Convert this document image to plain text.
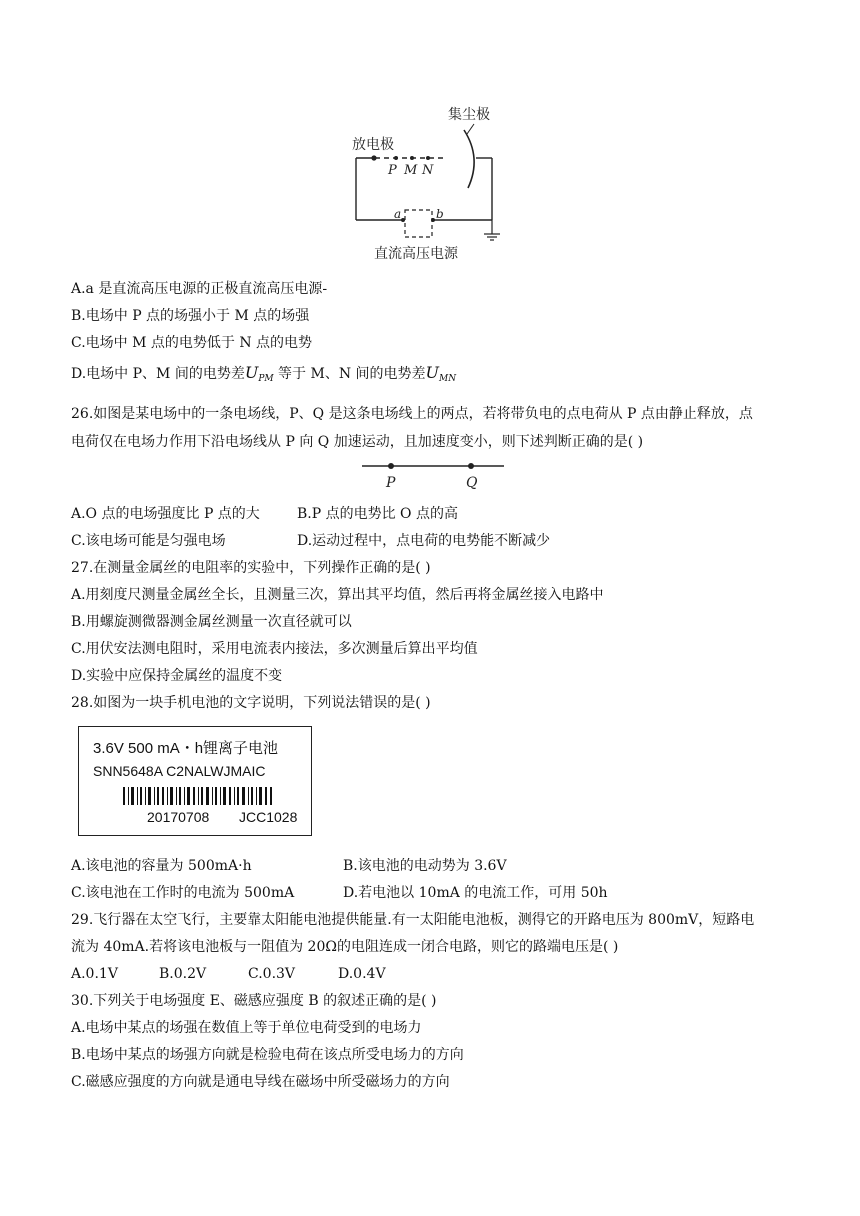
集尘极
放电极
P M N
a	b
直流高压电源
A.a 是直流高压电源的正极直流高压电源-
B.电场中 P 点的场强小于 M 点的场强
C.电场中 M 点的电势低于 N 点的电势
D.电场中 P、M 间的电势差$U_{PM}$ 等于 M、N 间的电势差$U_{MN}$
26.如图是某电场中的一条电场线，P、Q 是这条电场线上的两点，若将带负电的点电荷从 P 点由静止释放，点
电荷仅在电场力作用下沿电场线从 P 向 Q 加速运动，且加速度变小，则下述判断正确的是( )
P	Q
A.O 点的电场强度比 P 点的大	B.P 点的电势比 O 点的高
C.该电场可能是匀强电场	D.运动过程中，点电荷的电势能不断减少
27.在测量金属丝的电阻率的实验中，下列操作正确的是( )
A.用刻度尺测量金属丝全长，且测量三次，算出其平均值，然后再将金属丝接入电路中
B.用螺旋测微器测金属丝测量一次直径就可以
C.用伏安法测电阻时，采用电流表内接法，多次测量后算出平均值
D.实验中应保持金属丝的温度不变
28.如图为一块手机电池的文字说明，下列说法错误的是( )
3.6V 500 mA・h锂离子电池
SNN5648A C2NALWJMAIC
20170708 JCC1028
A.该电池的容量为 500mA·h	B.该电池的电动势为 3.6V
C.该电池在工作时的电流为 500mA	D.若电池以 10mA 的电流工作，可用 50h
29.飞行器在太空飞行，主要靠太阳能电池提供能量.有一太阳能电池板，测得它的开路电压为 800mV，短路电
流为 40mA.若将该电池板与一阻值为 20Ω的电阻连成一闭合电路，则它的路端电压是( )
A.0.1V	B.0.2V	C.0.3V	D.0.4V
30.下列关于电场强度 E、磁感应强度 B 的叙述正确的是( )
A.电场中某点的场强在数值上等于单位电荷受到的电场力
B.电场中某点的场强方向就是检验电荷在该点所受电场力的方向
C.磁感应强度的方向就是通电导线在磁场中所受磁场力的方向
